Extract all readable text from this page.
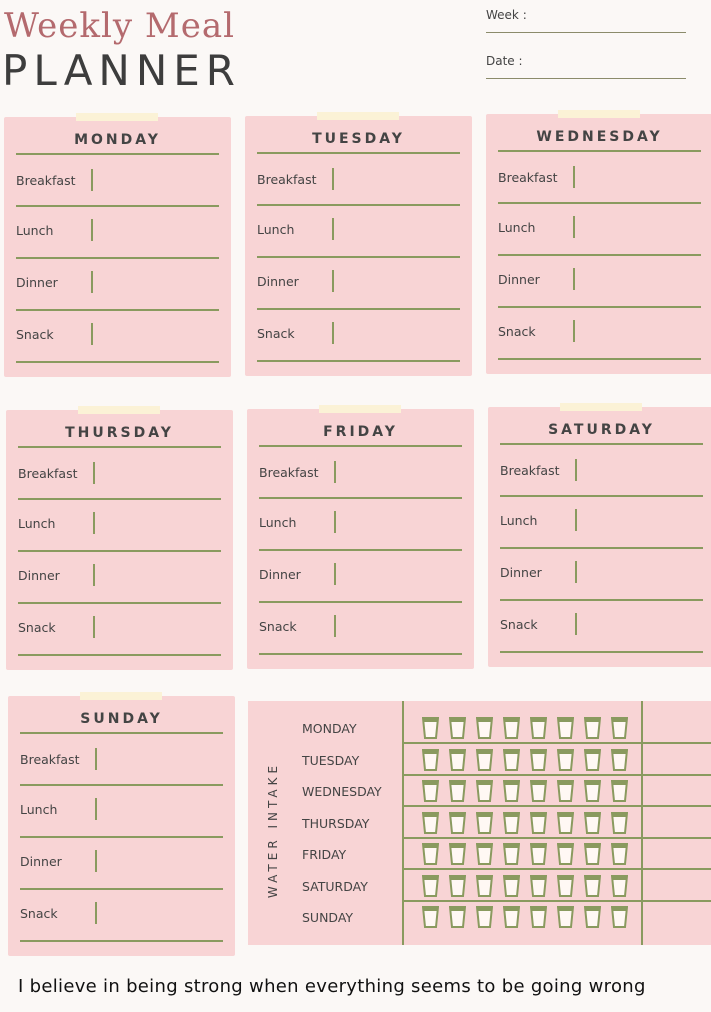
Weekly Meal
PLANNER
Week :
Date :
MONDAY
Breakfast
Lunch
Dinner
Snack
TUESDAY
Breakfast
Lunch
Dinner
Snack
WEDNESDAY
Breakfast
Lunch
Dinner
Snack
THURSDAY
Breakfast
Lunch
Dinner
Snack
FRIDAY
Breakfast
Lunch
Dinner
Snack
SATURDAY
Breakfast
Lunch
Dinner
Snack
SUNDAY
Breakfast
Lunch
Dinner
Snack
WATER INTAKE
MONDAY
TUESDAY
WEDNESDAY
THURSDAY
FRIDAY
SATURDAY
SUNDAY
I believe in being strong when everything seems to be going wrong
